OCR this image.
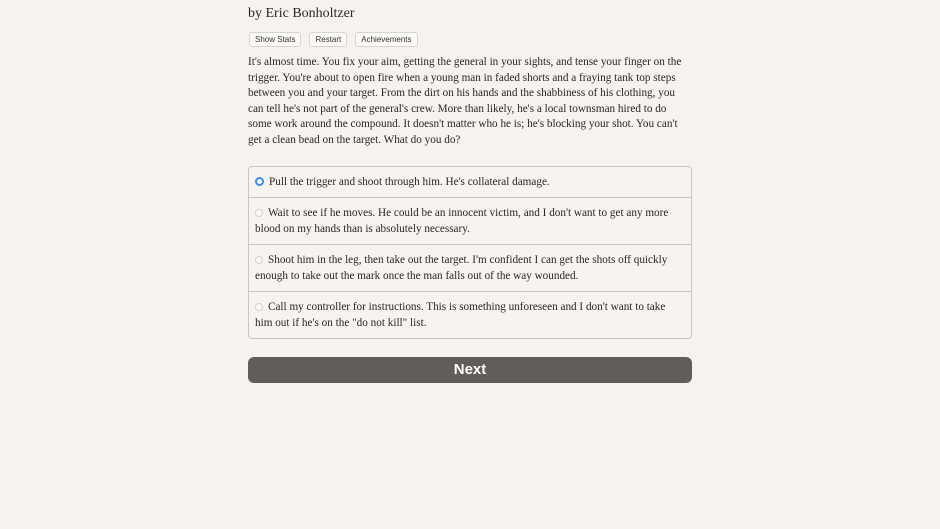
by Eric Bonholtzer
Show Stats	Restart	Achievements

It's almost time. You fix your aim, getting the general in your sights, and tense your finger on the trigger. You're about to open fire when a young man in faded shorts and a fraying tank top steps between you and your target. From the dirt on his hands and the shabbiness of his clothing, you can tell he's not part of the general's crew. More than likely, he's a local townsman hired to do some work around the compound. It doesn't matter who he is; he's blocking your shot. You can't get a clean bead on the target. What do you do?

Pull the trigger and shoot through him. He's collateral damage.
Wait to see if he moves. He could be an innocent victim, and I don't want to get any more blood on my hands than is absolutely necessary.
Shoot him in the leg, then take out the target. I'm confident I can get the shots off quickly enough to take out the mark once the man falls out of the way wounded.
Call my controller for instructions. This is something unforeseen and I don't want to take him out if he's on the "do not kill" list.
Next
